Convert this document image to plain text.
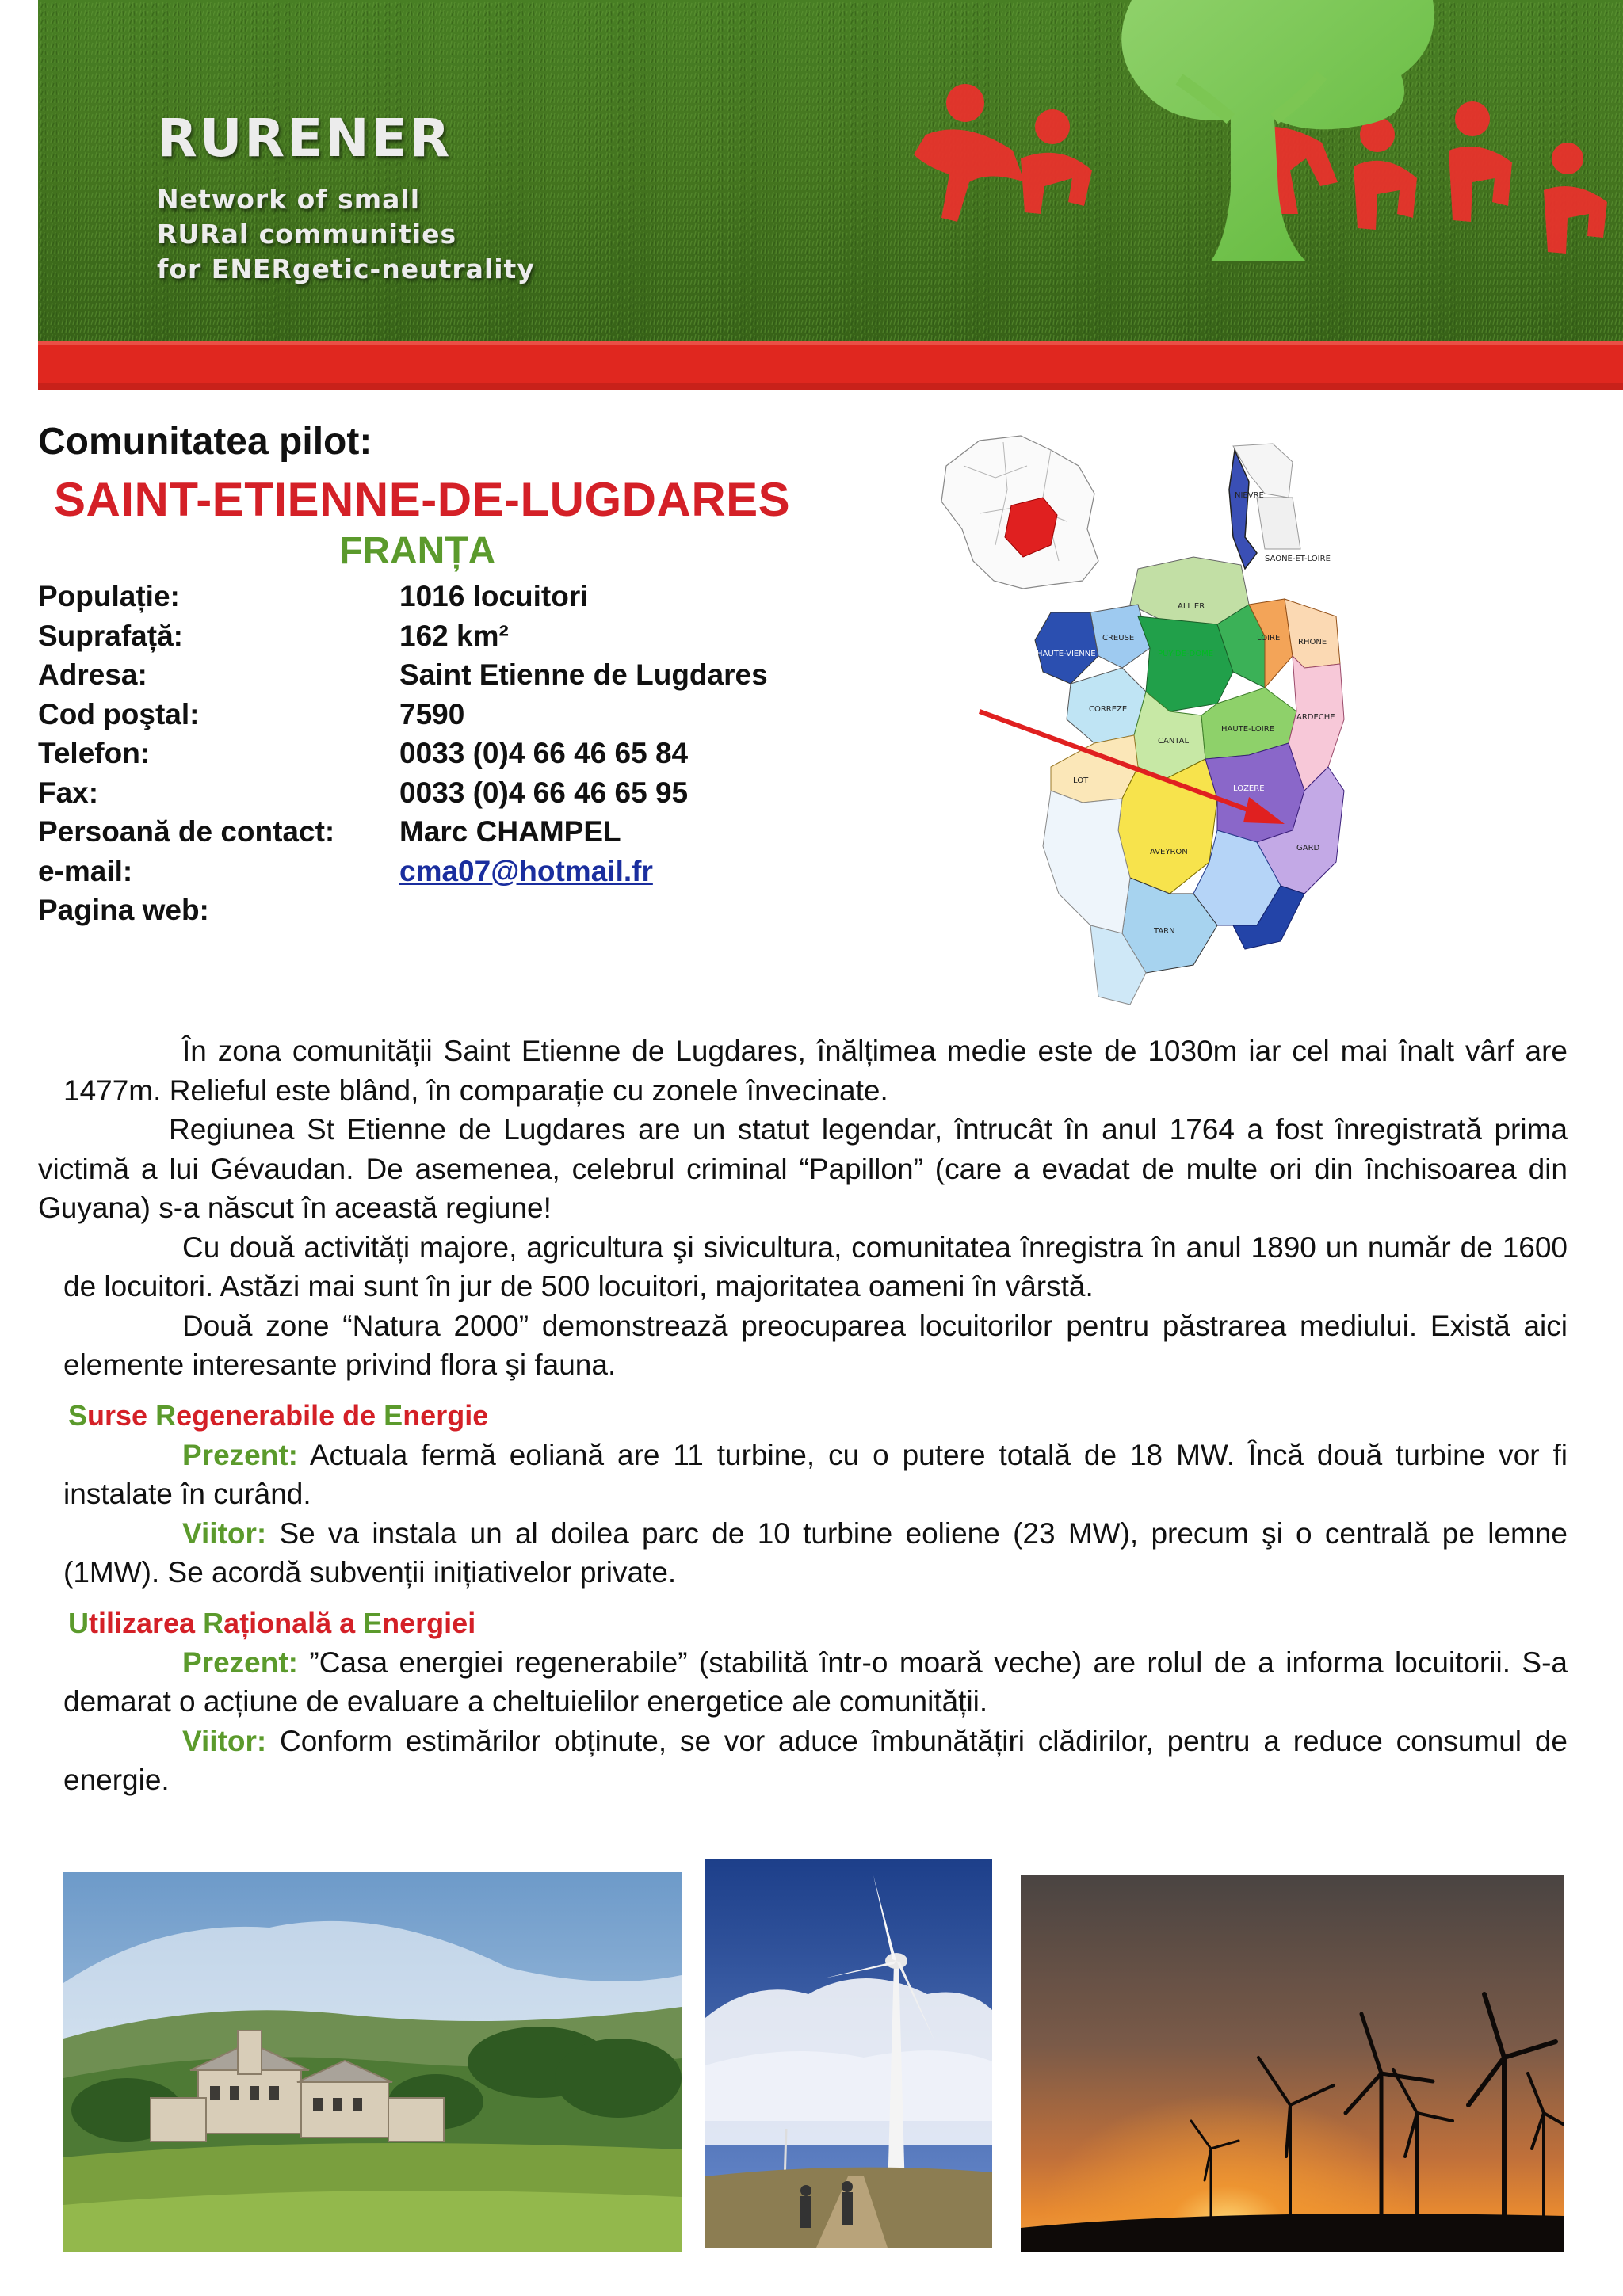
RURENER
Network of small
RURal communities
for ENERgetic-neutrality
Comunitatea pilot:
SAINT-ETIENNE-DE-LUGDARES
FRANȚA
Populație:	1016 locuitori
Suprafață:	162 km²
Adresa:	Saint Etienne de Lugdares
Cod poştal:	7590
Telefon:	0033 (0)4 66 46 65 84
Fax:	0033 (0)4 66 46 65 95
Persoană de contact:	Marc CHAMPEL
e-mail:	cma07@hotmail.fr
Pagina web:
NIEVRE
SAONE-ET-LOIRE
ALLIER
HAUTE-VIENNE
CREUSE
CORREZE
PUY-DE-DOME
LOIRE RHONE
CANTAL
HAUTE-LOIRE
ARDECHE
LOT
AVEYRON
LOZERE
GARD
TARN

În zona comunității Saint Etienne de Lugdares, înălțimea medie este de 1030m iar cel mai înalt vârf are 1477m. Relieful este blând, în comparație cu zonele învecinate.

Regiunea St Etienne de Lugdares are un statut legendar, întrucât în anul 1764 a fost înregistrată prima victimă a lui Gévaudan. De asemenea, celebrul criminal “Papillon” (care a evadat de multe ori din închisoarea din Guyana) s-a născut în această regiune!

Cu două activități majore, agricultura şi sivicultura, comunitatea înregistra în anul 1890 un număr de 1600 de locuitori. Astăzi mai sunt în jur de 500 locuitori, majoritatea oameni în vârstă.

Două zone “Natura 2000” demonstrează preocuparea locuitorilor pentru păstrarea mediului. Există aici elemente interesante privind flora şi fauna.

Surse Regenerabile de Energie

Prezent: Actuala fermă eoliană are 11 turbine, cu o putere totală de 18 MW. Încă două turbine vor fi instalate în curând.

Viitor: Se va instala un al doilea parc de 10 turbine eoliene (23 MW), precum şi o centrală pe lemne (1MW). Se acordă subvenții inițiativelor private.

Utilizarea Rațională a Energiei

Prezent: ”Casa energiei regenerabile” (stabilită într-o moară veche) are rolul de a informa locuitorii. S-a demarat o acțiune de evaluare a cheltuielilor energetice ale comunității.

Viitor: Conform estimărilor obținute, se vor aduce îmbunătățiri clădirilor, pentru a reduce consumul de energie.
